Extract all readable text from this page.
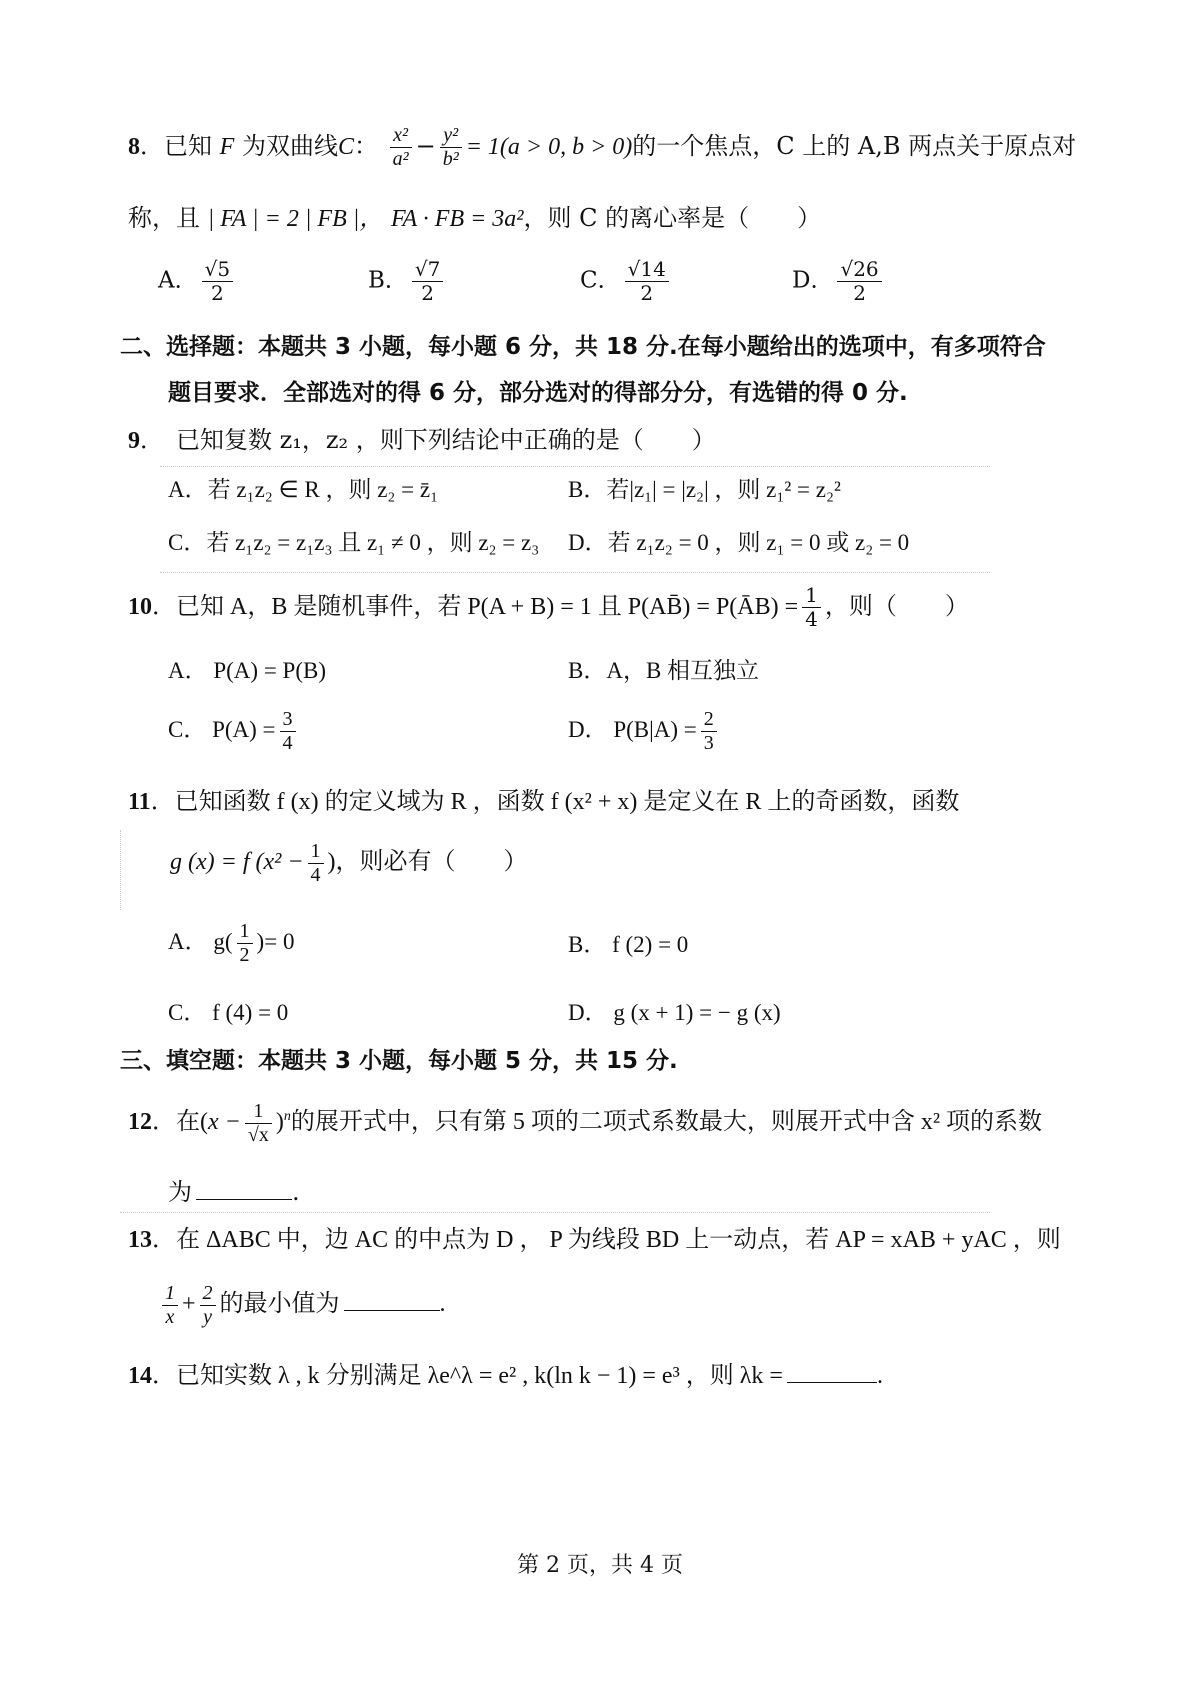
8．已知 F 为双曲线C： $\frac{\text{x²}}{\text{a²}} - \frac{\text{y²}}{\text{b²}} = 1(a > 0$, b > 0)的一个焦点，C 上的 A,B 两点关于原点对
称，且 | FA | = 2 | FB |， FA · FB = 3a²，则 C 的离心率是（　　）
A． $\frac{√5}{2}$	B． $\frac{√7}{2}$	C． $\frac{√14}{2}$	D． $\frac{√26}{2}$
二、选择题：本题共 3 小题，每小题 6 分，共 18 分.在每小题给出的选项中，有多项符合
题目要求．全部选对的得 6 分，部分选对的得部分分，有选错的得 0 分.
9．　已知复数 z₁，z₂ ，则下列结论中正确的是（　　）
A．若 z₁z₂ ∈ R ，则 z₂ = z̄₁	B．若|z₁| = |z₂| ，则 z₁² = z₂²
C．若 z₁z₂ = z₁z₃ 且 z₁ ≠ 0 ，则 z₂ = z₃ D．若 z₁z₂ = 0 ，则 z₁ = 0 或 z₂ = 0
10．已知 A，B 是随机事件，若 P(A + B) = 1 且 P(AB̄) = P(ĀB) = $\frac{1}{4}$ ，则（　　）
A． P(A) = P(B)	B．A，B 相互独立
C． $P(A) = \frac{3}{4}$	D． $P(B|A) = \frac{2}{3}$
11．已知函数 f (x) 的定义域为 R ，函数 f (x² + x) 是定义在 R 上的奇函数，函数
g (x) = f ($x^2 - \frac{1}{4}$ )，则必有（　　）
A． $g( \frac{1}{2}$ )= 0	B． f (2) = 0
C． f (4) = 0	D． g (x + 1) = − g (x)
三、填空题：本题共 3 小题，每小题 5 分，共 15 分.
12．在$(x - \frac{1}{√x} )^n$的展开式中，只有第 5 项的二项式系数最大，则展开式中含 x² 项的系数
为	.
13．在 ΔABC 中，边 AC 的中点为 D ， P 为线段 BD 上一动点，若 AP = xAB + yAC ，则
$\frac{1}{x} + \frac{2}{y}$ 的最小值为	.
14．已知实数 λ , k 分别满足 λe^λ = e² , k(ln k − 1) = e³ ，则 λk =	.
第 2 页，共 4 页
